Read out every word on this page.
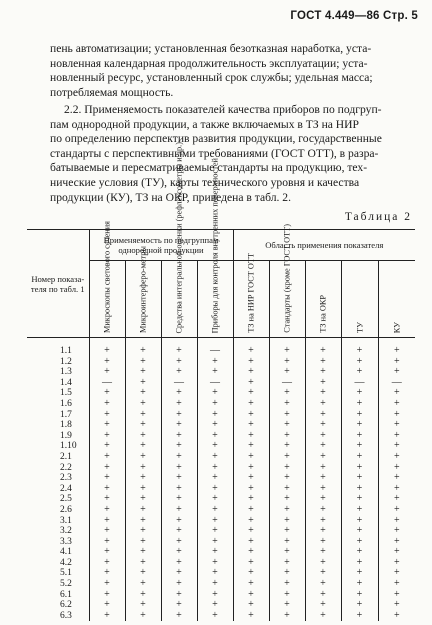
ГОСТ 4.449—86 Стр. 5
пень автоматизации; установленная безотказная наработка, уста-
новленная календарная продолжительность эксплуатации; уста-
новленный ресурс, установленный срок службы; удельная масса;
потребляемая мощность.
2.2. Применяемость показателей качества приборов по подгруп-
пам однородной продукции, а также включаемых в ТЗ на НИР
по определению перспектив развития продукции, государственные
стандарты с перспективными требованиями (ГОСТ ОТТ), в разра-
батываемые и пересматриваемые стандарты на продукцию, тех-
нические условия (ТУ), карты технического уровня и качества
продукции (КУ), ТЗ на ОКР, приведена в табл. 2.
Таблица 2
Номер показа-теля по табл. 1	Применяемость по подгруппам однородной продукции				Область применения показателя				

	Микроскопы светового сечения	Микроинтерферо-метры	Средства интегральной оценки (рефлексометры и др.)	Приборы для контроля внутренних поверхностей	ТЗ на НИР ГОСТ ОТТ	Стандарты (кроме ГОСТ ОТТ)	ТЗ на ОКР	ТУ	КУ

1.1	+	+	+	—	+	+	+	+	+
1.2	+	+	+	+	+	+	+	+	+
1.3	+	+	+	+	+	+	+	+	+
1.4	—	+	—	—	+	—	+	—	—
1.5	+	+	+	+	+	+	+	+	+
1.6	+	+	+	+	+	+	+	+	+
1.7	+	+	+	+	+	+	+	+	+
1.8	+	+	+	+	+	+	+	+	+
1.9	+	+	+	+	+	+	+	+	+
1.10	+	+	+	+	+	+	+	+	+
2.1	+	+	+	+	+	+	+	+	+
2.2	+	+	+	+	+	+	+	+	+
2.3	+	+	+	+	+	+	+	+	+
2.4	+	+	+	+	+	+	+	+	+
2.5	+	+	+	+	+	+	+	+	+
2.6	+	+	+	+	+	+	+	+	+
3.1	+	+	+	+	+	+	+	+	+
3.2	+	+	+	+	+	+	+	+	+
3.3	+	+	+	+	+	+	+	+	+
4.1	+	+	+	+	+	+	+	+	+
4.2	+	+	+	+	+	+	+	+	+
5.1	+	+	+	+	+	+	+	+	+
5.2	+	+	+	+	+	+	+	+	+
6.1	+	+	+	+	+	+	+	+	+
6.2	+	+	+	+	+	+	+	+	+
6.3	+	+	+	+	+	+	+	+	+
